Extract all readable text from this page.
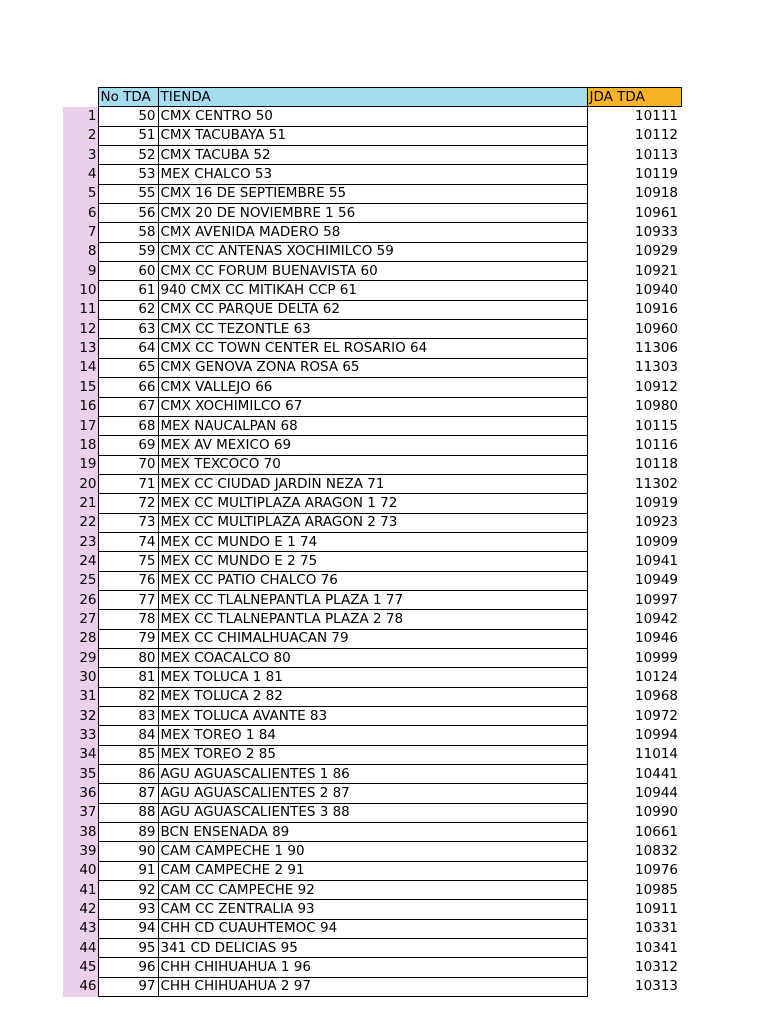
	No TDA	TIENDA	JDA TDA
1	50	CMX CENTRO 50	10111
2	51	CMX TACUBAYA 51	10112
3	52	CMX TACUBA 52	10113
4	53	MEX CHALCO 53	10119
5	55	CMX 16 DE SEPTIEMBRE 55	10918
6	56	CMX 20 DE NOVIEMBRE 1 56	10961
7	58	CMX AVENIDA MADERO 58	10933
8	59	CMX CC ANTENAS XOCHIMILCO 59	10929
9	60	CMX CC FORUM BUENAVISTA 60	10921
10	61	940 CMX CC MITIKAH CCP 61	10940
11	62	CMX CC PARQUE DELTA 62	10916
12	63	CMX CC TEZONTLE 63	10960
13	64	CMX CC TOWN CENTER EL ROSARIO 64	11306
14	65	CMX GENOVA ZONA ROSA 65	11303
15	66	CMX VALLEJO 66	10912
16	67	CMX XOCHIMILCO 67	10980
17	68	MEX NAUCALPAN 68	10115
18	69	MEX AV MEXICO 69	10116
19	70	MEX TEXCOCO 70	10118
20	71	MEX CC CIUDAD JARDIN NEZA 71	11302
21	72	MEX CC MULTIPLAZA ARAGON 1 72	10919
22	73	MEX CC MULTIPLAZA ARAGON 2 73	10923
23	74	MEX CC MUNDO E 1 74	10909
24	75	MEX CC MUNDO E 2 75	10941
25	76	MEX CC PATIO CHALCO 76	10949
26	77	MEX CC TLALNEPANTLA PLAZA 1 77	10997
27	78	MEX CC TLALNEPANTLA PLAZA 2 78	10942
28	79	MEX CC CHIMALHUACAN 79	10946
29	80	MEX COACALCO 80	10999
30	81	MEX TOLUCA 1 81	10124
31	82	MEX TOLUCA 2 82	10968
32	83	MEX TOLUCA AVANTE 83	10972
33	84	MEX TOREO 1 84	10994
34	85	MEX TOREO 2 85	11014
35	86	AGU AGUASCALIENTES 1 86	10441
36	87	AGU AGUASCALIENTES 2 87	10944
37	88	AGU AGUASCALIENTES 3 88	10990
38	89	BCN ENSENADA 89	10661
39	90	CAM CAMPECHE 1 90	10832
40	91	CAM CAMPECHE 2 91	10976
41	92	CAM CC CAMPECHE 92	10985
42	93	CAM CC ZENTRALIA 93	10911
43	94	CHH CD CUAUHTEMOC 94	10331
44	95	341 CD DELICIAS 95	10341
45	96	CHH CHIHUAHUA 1 96	10312
46	97	CHH CHIHUAHUA 2 97	10313
